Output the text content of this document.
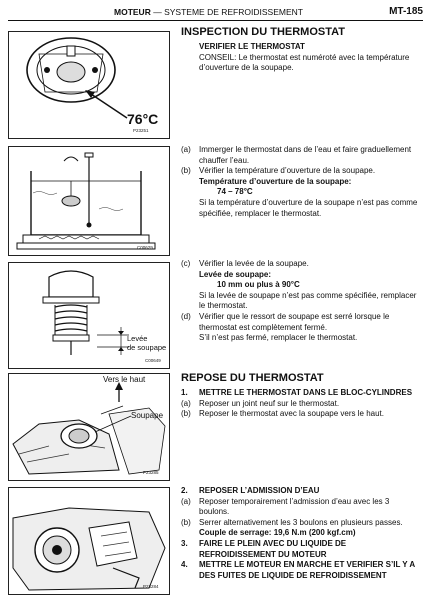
MOTEUR — SYSTEME DE REFROIDISSEMENT	MT-185
76°C
P23251
C00629
Levée
de soupape
C00649
Vers le haut
Soupape
P23285
P23284
INSPECTION DU THERMOSTAT
VERIFIER LE THERMOSTAT
CONSEIL: Le thermostat est numéroté avec la température d’ouverture de la soupape.
(a)	Immerger le thermostat dans de l’eau et faire graduellement chauffer l’eau.
(b)	Vérifier la température d’ouverture de la soupape.
Température d’ouverture de la soupape:
74 – 78°C
Si la température d’ouverture de la soupape n’est pas comme spécifiée, remplacer le thermostat.
(c)	Vérifier la levée de la soupape.
Levée de soupape:
10 mm ou plus à 90°C
Si la levée de soupape n’est pas comme spécifiée, remplacer le thermostat.
(d)	Vérifier que le ressort de soupape est serré lorsque le thermostat est complètement fermé.
S’il n’est pas fermé, remplacer le thermostat.
REPOSE DU THERMOSTAT
1.	METTRE LE THERMOSTAT DANS LE BLOC-CYLINDRES
(a)	Reposer un joint neuf sur le thermostat.
(b)	Reposer le thermostat avec la soupape vers le haut.
2.	REPOSER L’ADMISSION D’EAU
(a)	Reposer temporairement l’admission d’eau avec les 3 boulons.
(b)	Serrer alternativement les 3 boulons en plusieurs passes.
Couple de serrage: 19,6 N.m (200 kgf.cm)
3.	FAIRE LE PLEIN AVEC DU LIQUIDE DE REFROIDISSEMENT DU MOTEUR
4.	METTRE LE MOTEUR EN MARCHE ET VERIFIER S’IL Y A DES FUITES DE LIQUIDE DE REFROIDISSEMENT
